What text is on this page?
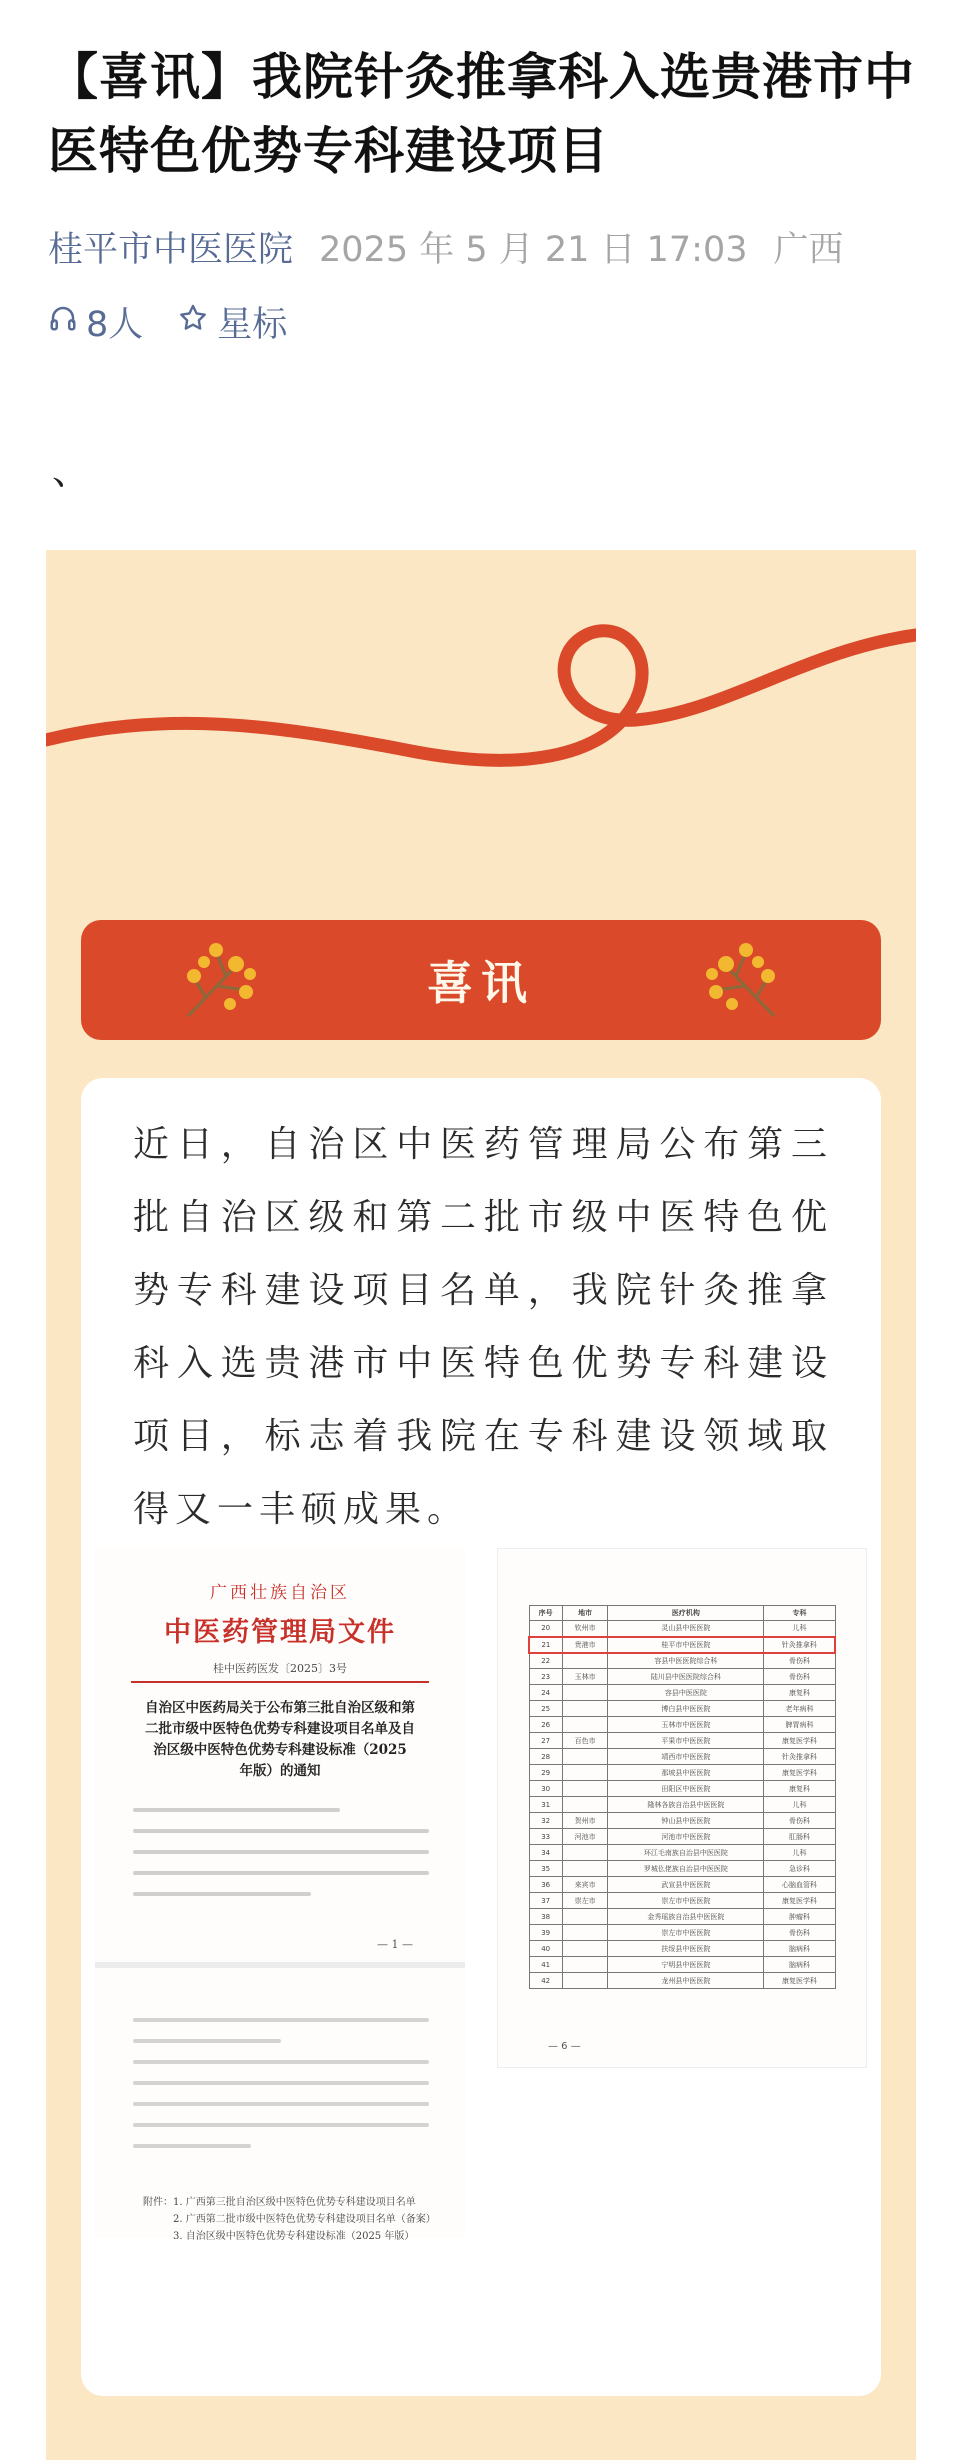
【喜讯】我院针灸推拿科入选贵港市中医特色优势专科建设项目
桂平市中医医院 2025 年 5 月 21 日 17:03 广西
8人 星标
、
喜讯
近日，自治区中医药管理局公布第三批自治区级和第二批市级中医特色优势专科建设项目名单，我院针灸推拿科入选贵港市中医特色优势专科建设项目，标志着我院在专科建设领域取得又一丰硕成果。
广西壮族自治区
中医药管理局文件
桂中医药医发〔2025〕3号
自治区中医药局关于公布第三批自治区级和第二批市级中医特色优势专科建设项目名单及自治区级中医特色优势专科建设标准（2025 年版）的通知
— 1 —
附件：1. 广西第三批自治区级中医特色优势专科建设项目名单
2. 广西第二批市级中医特色优势专科建设项目名单（备案）
3. 自治区级中医特色优势专科建设标准（2025 年版）
序号	地市	医疗机构	专科
20	钦州市	灵山县中医医院	儿科
21	贵港市	桂平市中医医院	针灸推拿科
22		容县中医医院综合科	骨伤科
23	玉林市	陆川县中医医院综合科	骨伤科
24		容县中医医院	康复科
25		博白县中医医院	老年病科
26		玉林市中医医院	脾胃病科
27	百色市	平果市中医医院	康复医学科
28		靖西市中医医院	针灸推拿科
29		那坡县中医医院	康复医学科
30		田阳区中医医院	康复科
31		隆林各族自治县中医医院	儿科
32	贺州市	钟山县中医医院	骨伤科
33	河池市	河池市中医医院	肛肠科
34		环江毛南族自治县中医医院	儿科
35		罗城仫佬族自治县中医医院	急诊科
36	来宾市	武宣县中医医院	心脑血管科
37	崇左市	崇左市中医医院	康复医学科
38		金秀瑶族自治县中医医院	肿瘤科
39		崇左市中医医院	骨伤科
40		扶绥县中医医院	脑病科
41		宁明县中医医院	脑病科
42		龙州县中医医院	康复医学科
— 6 —
